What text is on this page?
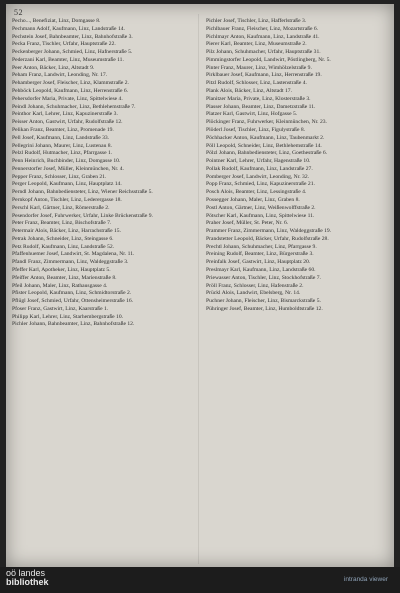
52
Pecho..., Benefiziat, Linz, Domgasse 8.
Pechmann Adolf, Kaufmann, Linz, Landstraße 14.
Pechstein Josef, Bahnbeamter, Linz, Bahnhofstraße 3.
Pecka Franz, Tischler, Urfahr, Hauptstraße 22.
Peckenberger Johann, Schmied, Linz, Hafnerstraße 5.
Pederzani Karl, Beamter, Linz, Museumstraße 11.
Peer Anton, Bäcker, Linz, Altstadt 9.
Peham Franz, Landwirt, Leonding, Nr. 17.
Pehamberger Josef, Fleischer, Linz, Klammstraße 2.
Pehböck Leopold, Kaufmann, Linz, Herrenstraße 6.
Pehersdorfer Maria, Private, Linz, Spittelwiese 4.
Peindl Johann, Schuhmacher, Linz, Bethlehemstraße 7.
Peinthor Karl, Lehrer, Linz, Kapuzinerstraße 3.
Peisser Anton, Gastwirt, Urfahr, Rudolfstraße 12.
Pelikan Franz, Beamter, Linz, Promenade 19.
Pell Josef, Kaufmann, Linz, Landstraße 33.
Pellegrini Johann, Maurer, Linz, Lustenau 8.
Pelzl Rudolf, Hutmacher, Linz, Pfarrgasse 1.
Penn Heinrich, Buchbinder, Linz, Domgasse 10.
Pennerstorfer Josef, Müller, Kleinmünchen, Nr. 4.
Pepper Franz, Schlosser, Linz, Graben 21.
Perger Leopold, Kaufmann, Linz, Hauptplatz 14.
Perndl Johann, Bahnbediensteter, Linz, Wiener Reichsstraße 5.
Pernkopf Anton, Tischler, Linz, Lederergasse 18.
Perschl Karl, Gärtner, Linz, Römerstraße 2.
Pesendorfer Josef, Fuhrwerker, Urfahr, Linke Brückenstraße 9.
Peter Franz, Beamter, Linz, Bischofstraße 7.
Petermair Alois, Bäcker, Linz, Harrachstraße 15.
Petrak Johann, Schneider, Linz, Steingasse 6.
Petz Rudolf, Kaufmann, Linz, Landstraße 52.
Pfaffenhuemer Josef, Landwirt, St. Magdalena, Nr. 11.
Pfandl Franz, Zimmermann, Linz, Waldeggstraße 3.
Pfeffer Karl, Apotheker, Linz, Hauptplatz 5.
Pfeiffer Anton, Beamter, Linz, Marienstraße 8.
Pfeil Johann, Maler, Linz, Rathausgasse 4.
Pfister Leopold, Kaufmann, Linz, Schmidtorstraße 2.
Pflügl Josef, Schmied, Urfahr, Ottensheimerstraße 16.
Pfoser Franz, Gastwirt, Linz, Kaarstraße 1.
Philipp Karl, Lehrer, Linz, Starhembergstraße 10.
Pichler Johann, Bahnbeamter, Linz, Bahnhofstraße 12.
Pichler Josef, Tischler, Linz, Hafferlstraße 3.
Pichlbauer Franz, Fleischer, Linz, Mozartstraße 6.
Pichlmayr Anton, Kaufmann, Linz, Landstraße 41.
Pierer Karl, Beamter, Linz, Museumstraße 2.
Pilz Johann, Schuhmacher, Urfahr, Hauptstraße 31.
Pimmingstorfer Leopold, Landwirt, Pöstlingberg, Nr. 5.
Pinter Franz, Maurer, Linz, Wimhölzelstraße 9.
Pirklbauer Josef, Kaufmann, Linz, Herrenstraße 19.
Pitzl Rudolf, Schlosser, Linz, Lastenstraße 4.
Plank Alois, Bäcker, Linz, Altstadt 17.
Planitzer Maria, Private, Linz, Klosterstraße 3.
Plasser Johann, Beamter, Linz, Dametzstraße 11.
Platzer Karl, Gastwirt, Linz, Hofgasse 5.
Plöckinger Franz, Fuhrwerker, Kleinmünchen, Nr. 23.
Plöderl Josef, Tischler, Linz, Figulystraße 8.
Pöchhacker Anton, Kaufmann, Linz, Taubenmarkt 2.
Pöll Leopold, Schneider, Linz, Bethlehemstraße 14.
Pölzl Johann, Bahnbediensteter, Linz, Goethestraße 6.
Pointner Karl, Lehrer, Urfahr, Hagenstraße 10.
Pollak Rudolf, Kaufmann, Linz, Landstraße 27.
Pomberger Josef, Landwirt, Leonding, Nr. 32.
Popp Franz, Schmied, Linz, Kapuzinerstraße 21.
Posch Alois, Beamter, Linz, Lessingstraße 4.
Possegger Johann, Maler, Linz, Graben 8.
Postl Anton, Gärtner, Linz, Weißenwolffstraße 2.
Pötscher Karl, Kaufmann, Linz, Spittelwiese 11.
Praher Josef, Müller, St. Peter, Nr. 6.
Prammer Franz, Zimmermann, Linz, Waldeggstraße 19.
Prandstetter Leopold, Bäcker, Urfahr, Rudolfstraße 28.
Prechtl Johann, Schuhmacher, Linz, Pfarrgasse 9.
Preining Rudolf, Beamter, Linz, Bürgerstraße 3.
Preinfalk Josef, Gastwirt, Linz, Hauptplatz 20.
Preslmayr Karl, Kaufmann, Linz, Landstraße 60.
Priewasser Anton, Tischler, Linz, Stockhofstraße 7.
Pröll Franz, Schlosser, Linz, Hafenstraße 2.
Prückl Alois, Landwirt, Ebelsberg, Nr. 14.
Puchner Johann, Fleischer, Linz, Bismarckstraße 5.
Pühringer Josef, Beamter, Linz, Humboldtstraße 12.
oö landes
bibliothek	intranda viewer
